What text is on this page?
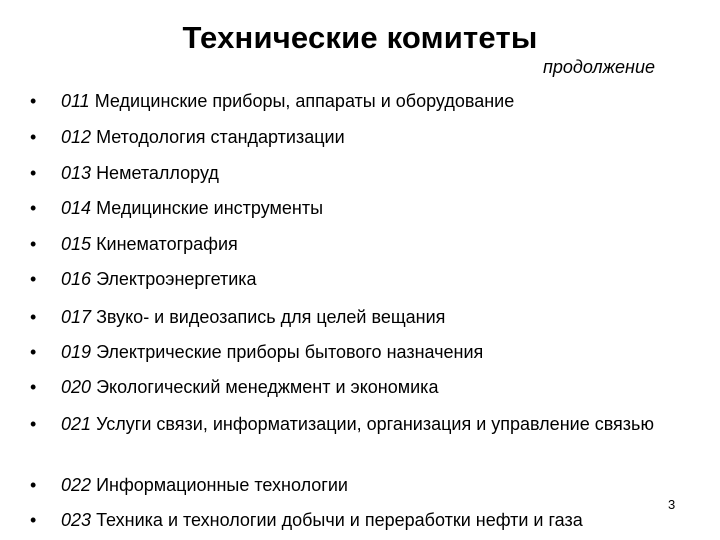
Технические комитеты
продолжение
•	011 Медицинские приборы, аппараты и оборудование
•	012 Методология стандартизации
•	013 Неметаллоруд
•	014 Медицинские инструменты
•	015 Кинематография
•	016 Электроэнергетика
•	017 Звуко- и видеозапись для целей вещания
•	019 Электрические приборы бытового назначения
•	020 Экологический менеджмент и экономика
•	021 Услуги связи, информатизации, организация и управление связью
•	022 Информационные технологии
•	023 Техника и технологии добычи и переработки нефти и газа
3
